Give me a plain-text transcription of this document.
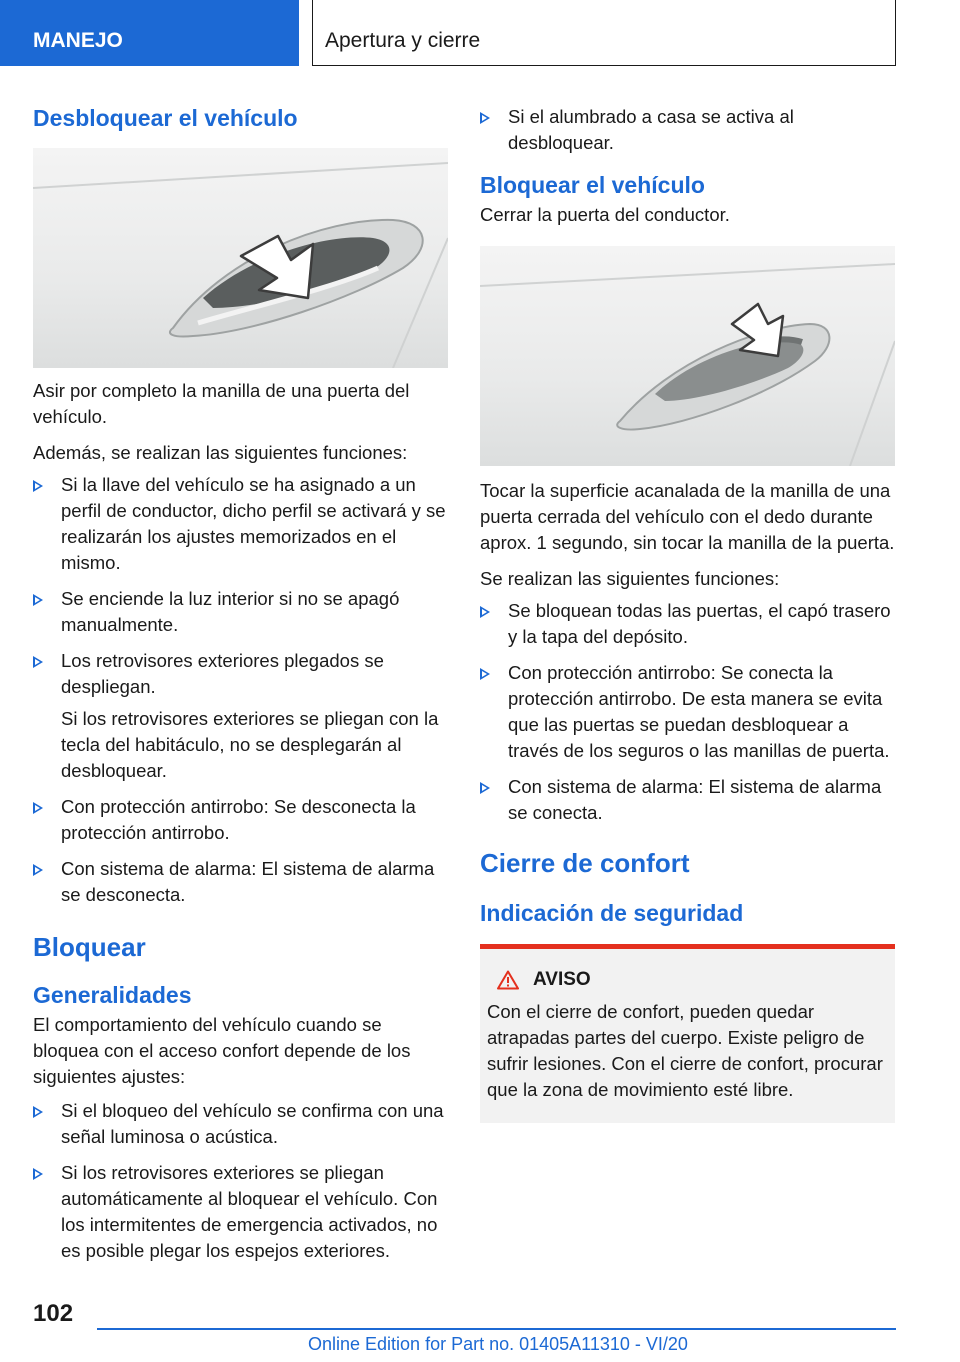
MANEJO	Apertura y cierre
Desbloquear el vehículo

Asir por completo la manilla de una puerta del vehículo.

Además, se realizan las siguientes funciones:

Si la llave del vehículo se ha asignado a un perfil de conductor, dicho perfil se activará y se realizarán los ajustes memorizados en el mismo.
Se enciende la luz interior si no se apagó manualmente.
Los retrovisores exteriores plegados se despliegan.

Si los retrovisores exteriores se pliegan con la tecla del habitáculo, no se desplegarán al desbloquear.

Con protección antirrobo: Se desconecta la protección antirrobo.
Con sistema de alarma: El sistema de alarma se desconecta.
Bloquear
Generalidades

El comportamiento del vehículo cuando se bloquea con el acceso confort depende de los siguientes ajustes:

Si el bloqueo del vehículo se confirma con una señal luminosa o acústica.
Si los retrovisores exteriores se pliegan automáticamente al bloquear el vehículo. Con los intermitentes de emergencia activados, no es posible plegar los espejos exteriores.
Si el alumbrado a casa se activa al desbloquear.
Bloquear el vehículo

Cerrar la puerta del conductor.

Tocar la superficie acanalada de la manilla de una puerta cerrada del vehículo con el dedo durante aprox. 1 segundo, sin tocar la manilla de la puerta.

Se realizan las siguientes funciones:

Se bloquean todas las puertas, el capó trasero y la tapa del depósito.
Con protección antirrobo: Se conecta la protección antirrobo. De esta manera se evita que las puertas se puedan desbloquear a través de los seguros o las manillas de puerta.
Con sistema de alarma: El sistema de alarma se conecta.
Cierre de confort
Indicación de seguridad
AVISO

Con el cierre de confort, pueden quedar atrapadas partes del cuerpo. Existe peligro de sufrir lesiones. Con el cierre de confort, procurar que la zona de movimiento esté libre.

102
Online Edition for Part no. 01405A11310 - VI/20
